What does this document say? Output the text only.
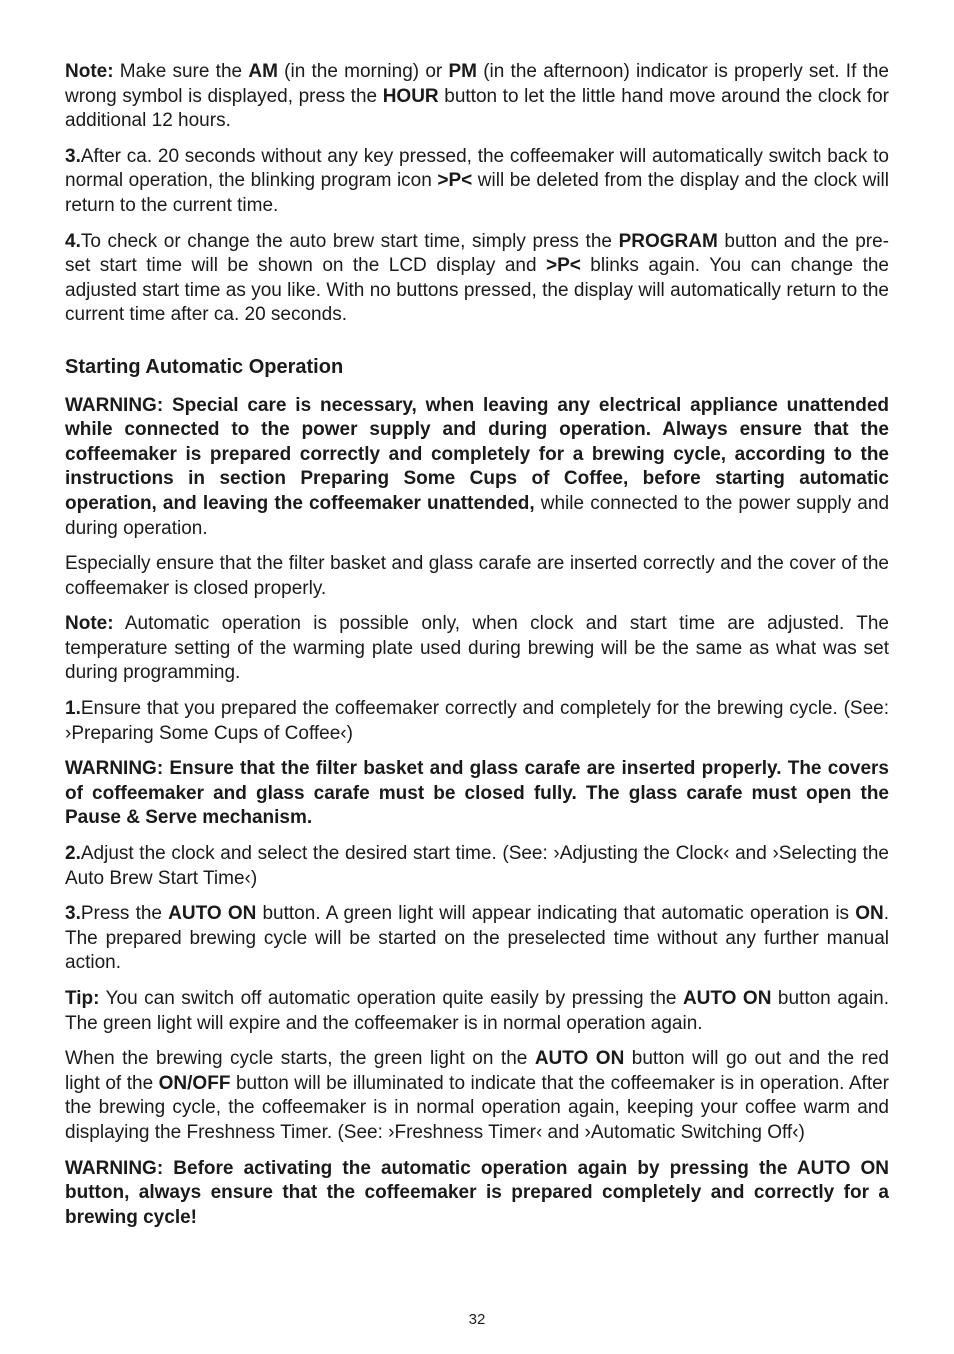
Note: Make sure the AM (in the morning) or PM (in the afternoon) indicator is properly set. If the wrong symbol is displayed, press the HOUR button to let the little hand move around the clock for additional 12 hours.

3.After ca. 20 seconds without any key pressed, the coffeemaker will automatically switch back to normal operation, the blinking program icon >P< will be deleted from the display and the clock will return to the current time.

4.To check or change the auto brew start time, simply press the PROGRAM button and the pre-set start time will be shown on the LCD display and >P< blinks again. You can change the adjusted start time as you like. With no buttons pressed, the display will automatically return to the current time after ca. 20 seconds.

Starting Automatic Operation

WARNING: Special care is necessary, when leaving any electrical appliance unattended while connected to the power supply and during operation. Always ensure that the coffeemaker is prepared correctly and completely for a brewing cycle, according to the instructions in section Preparing Some Cups of Coffee, before starting automatic operation, and leaving the coffeemaker unattended, while connected to the power supply and during operation.

Especially ensure that the filter basket and glass carafe are inserted correctly and the cover of the coffeemaker is closed properly.

Note: Automatic operation is possible only, when clock and start time are adjusted. The temperature setting of the warming plate used during brewing will be the same as what was set during programming.

1.Ensure that you prepared the coffeemaker correctly and completely for the brewing cycle. (See: ›Preparing Some Cups of Coffee‹)

WARNING: Ensure that the filter basket and glass carafe are inserted properly. The covers of coffeemaker and glass carafe must be closed fully. The glass carafe must open the Pause & Serve mechanism.

2.Adjust the clock and select the desired start time. (See: ›Adjusting the Clock‹ and ›Selecting the Auto Brew Start Time‹)

3.Press the AUTO ON button. A green light will appear indicating that automatic operation is ON. The prepared brewing cycle will be started on the preselected time without any further manual action.

Tip: You can switch off automatic operation quite easily by pressing the AUTO ON button again. The green light will expire and the coffeemaker is in normal operation again.

When the brewing cycle starts, the green light on the AUTO ON button will go out and the red light of the ON/OFF button will be illuminated to indicate that the coffeemaker is in operation. After the brewing cycle, the coffeemaker is in normal operation again, keeping your coffee warm and displaying the Freshness Timer. (See: ›Freshness Timer‹ and ›Automatic Switching Off‹)

WARNING: Before activating the automatic operation again by pressing the AUTO ON button, always ensure that the coffeemaker is prepared completely and correctly for a brewing cycle!

32
